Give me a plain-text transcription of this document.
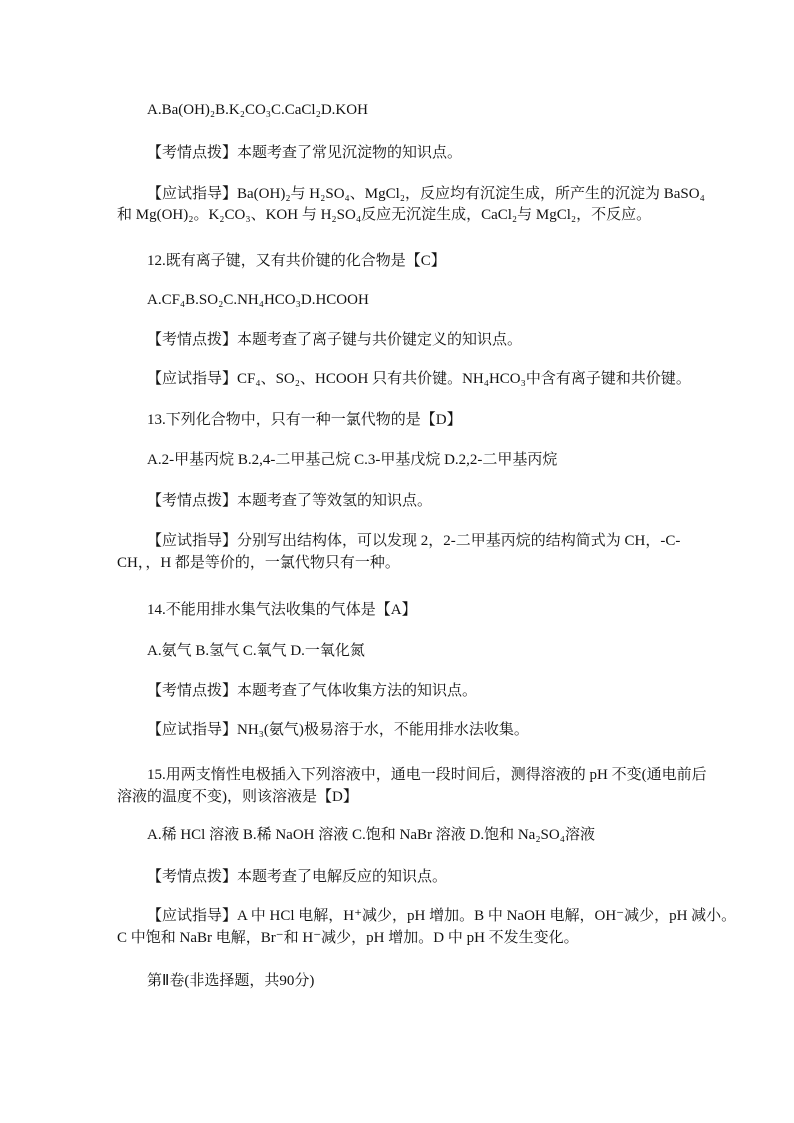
A.Ba(OH)₂B.K₂CO₃C.CaCl₂D.KOH
【考情点拨】本题考查了常见沉淀物的知识点。
【应试指导】Ba(OH)₂与 H₂SO₄、MgCl₂，反应均有沉淀生成，所产生的沉淀为 BaSO₄
和 Mg(OH)₂。K₂CO₃、KOH 与 H₂SO₄反应无沉淀生成，CaCl₂与 MgCl₂，不反应。
12.既有离子键，又有共价键的化合物是【C】
A.CF₄B.SO₂C.NH₄HCO₃D.HCOOH
【考情点拨】本题考查了离子键与共价键定义的知识点。
【应试指导】CF₄、SO₂、HCOOH 只有共价键。NH₄HCO₃中含有离子键和共价键。
13.下列化合物中，只有一种一氯代物的是【D】
A.2-甲基丙烷 B.2,4-二甲基己烷 C.3-甲基戊烷 D.2,2-二甲基丙烷
【考情点拨】本题考查了等效氢的知识点。
【应试指导】分别写出结构体，可以发现 2，2-二甲基丙烷的结构简式为 CH，-C-
CH，，H 都是等价的，一氯代物只有一种。
14.不能用排水集气法收集的气体是【A】
A.氨气 B.氢气 C.氧气 D.一氧化氮
【考情点拨】本题考查了气体收集方法的知识点。
【应试指导】NH₃(氨气)极易溶于水，不能用排水法收集。
15.用两支惰性电极插入下列溶液中，通电一段时间后，测得溶液的 pH 不变(通电前后
溶液的温度不变)，则该溶液是【D】
A.稀 HCl 溶液 B.稀 NaOH 溶液 C.饱和 NaBr 溶液 D.饱和 Na₂SO₄溶液
【考情点拨】本题考查了电解反应的知识点。
【应试指导】A 中 HCl 电解，H⁺减少，pH 增加。B 中 NaOH 电解，OH⁻减少，pH 减小。
C 中饱和 NaBr 电解，Br⁻和 H⁻减少，pH 增加。D 中 pH 不发生变化。
第Ⅱ卷(非选择题，共90分)
